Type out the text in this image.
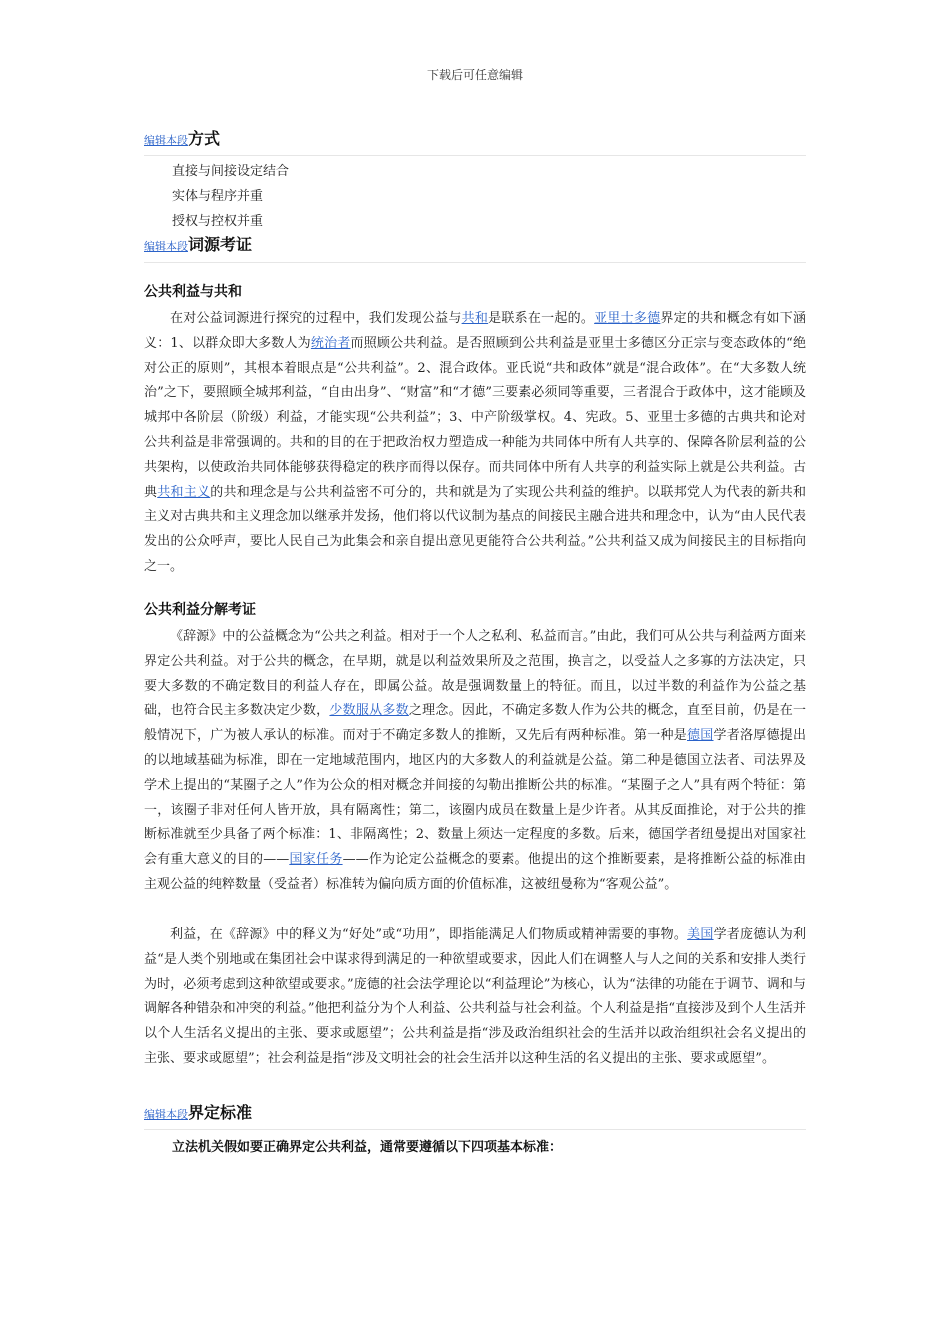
下载后可任意编辑
编辑本段方式
直接与间接设定结合
实体与程序并重
授权与控权并重
编辑本段词源考证
公共利益与共和

在对公益词源进行探究的过程中，我们发现公益与共和是联系在一起的。亚里士多德界定的共和概念有如下涵义：1、以群众即大多数人为统治者而照顾公共利益。是否照顾到公共利益是亚里士多德区分正宗与变态政体的“绝对公正的原则”，其根本着眼点是“公共利益”。2、混合政体。亚氏说“共和政体”就是“混合政体”。在“大多数人统治”之下，要照顾全城邦利益，“自由出身”、“财富”和“才德”三要素必须同等重要，三者混合于政体中，这才能顾及城邦中各阶层（阶级）利益，才能实现“公共利益”；3、中产阶级掌权。4、宪政。5、亚里士多德的古典共和论对公共利益是非常强调的。共和的目的在于把政治权力塑造成一种能为共同体中所有人共享的、保障各阶层利益的公共架构，以使政治共同体能够获得稳定的秩序而得以保存。而共同体中所有人共享的利益实际上就是公共利益。古典共和主义的共和理念是与公共利益密不可分的，共和就是为了实现公共利益的维护。以联邦党人为代表的新共和主义对古典共和主义理念加以继承并发扬，他们将以代议制为基点的间接民主融合进共和理念中，认为“由人民代表发出的公众呼声，要比人民自己为此集会和亲自提出意见更能符合公共利益。”公共利益又成为间接民主的目标指向之一。

公共利益分解考证

《辞源》中的公益概念为“公共之利益。相对于一个人之私利、私益而言。”由此，我们可从公共与利益两方面来界定公共利益。对于公共的概念，在早期，就是以利益效果所及之范围，换言之，以受益人之多寡的方法决定，只要大多数的不确定数目的利益人存在，即属公益。故是强调数量上的特征。而且，以过半数的利益作为公益之基础，也符合民主多数决定少数，少数服从多数之理念。因此，不确定多数人作为公共的概念，直至目前，仍是在一般情况下，广为被人承认的标准。而对于不确定多数人的推断，又先后有两种标准。第一种是德国学者洛厚德提出的以地域基础为标准，即在一定地域范围内，地区内的大多数人的利益就是公益。第二种是德国立法者、司法界及学术上提出的“某圈子之人”作为公众的相对概念并间接的勾勒出推断公共的标准。“某圈子之人”具有两个特征：第一，该圈子非对任何人皆开放，具有隔离性；第二，该圈内成员在数量上是少许者。从其反面推论，对于公共的推断标准就至少具备了两个标准：1、非隔离性；2、数量上须达一定程度的多数。后来，德国学者纽曼提出对国家社会有重大意义的目的——国家任务——作为论定公益概念的要素。他提出的这个推断要素，是将推断公益的标准由主观公益的纯粹数量（受益者）标准转为偏向质方面的价值标准，这被纽曼称为“客观公益”。

利益，在《辞源》中的释义为“好处”或“功用”，即指能满足人们物质或精神需要的事物。美国学者庞德认为利益“是人类个别地或在集团社会中谋求得到满足的一种欲望或要求，因此人们在调整人与人之间的关系和安排人类行为时，必须考虑到这种欲望或要求。”庞德的社会法学理论以“利益理论”为核心，认为“法律的功能在于调节、调和与调解各种错杂和冲突的利益。”他把利益分为个人利益、公共利益与社会利益。个人利益是指“直接涉及到个人生活并以个人生活名义提出的主张、要求或愿望”；公共利益是指“涉及政治组织社会的生活并以政治组织社会名义提出的主张、要求或愿望”；社会利益是指“涉及文明社会的社会生活并以这种生活的名义提出的主张、要求或愿望”。

编辑本段界定标准
立法机关假如要正确界定公共利益，通常要遵循以下四项基本标准：
